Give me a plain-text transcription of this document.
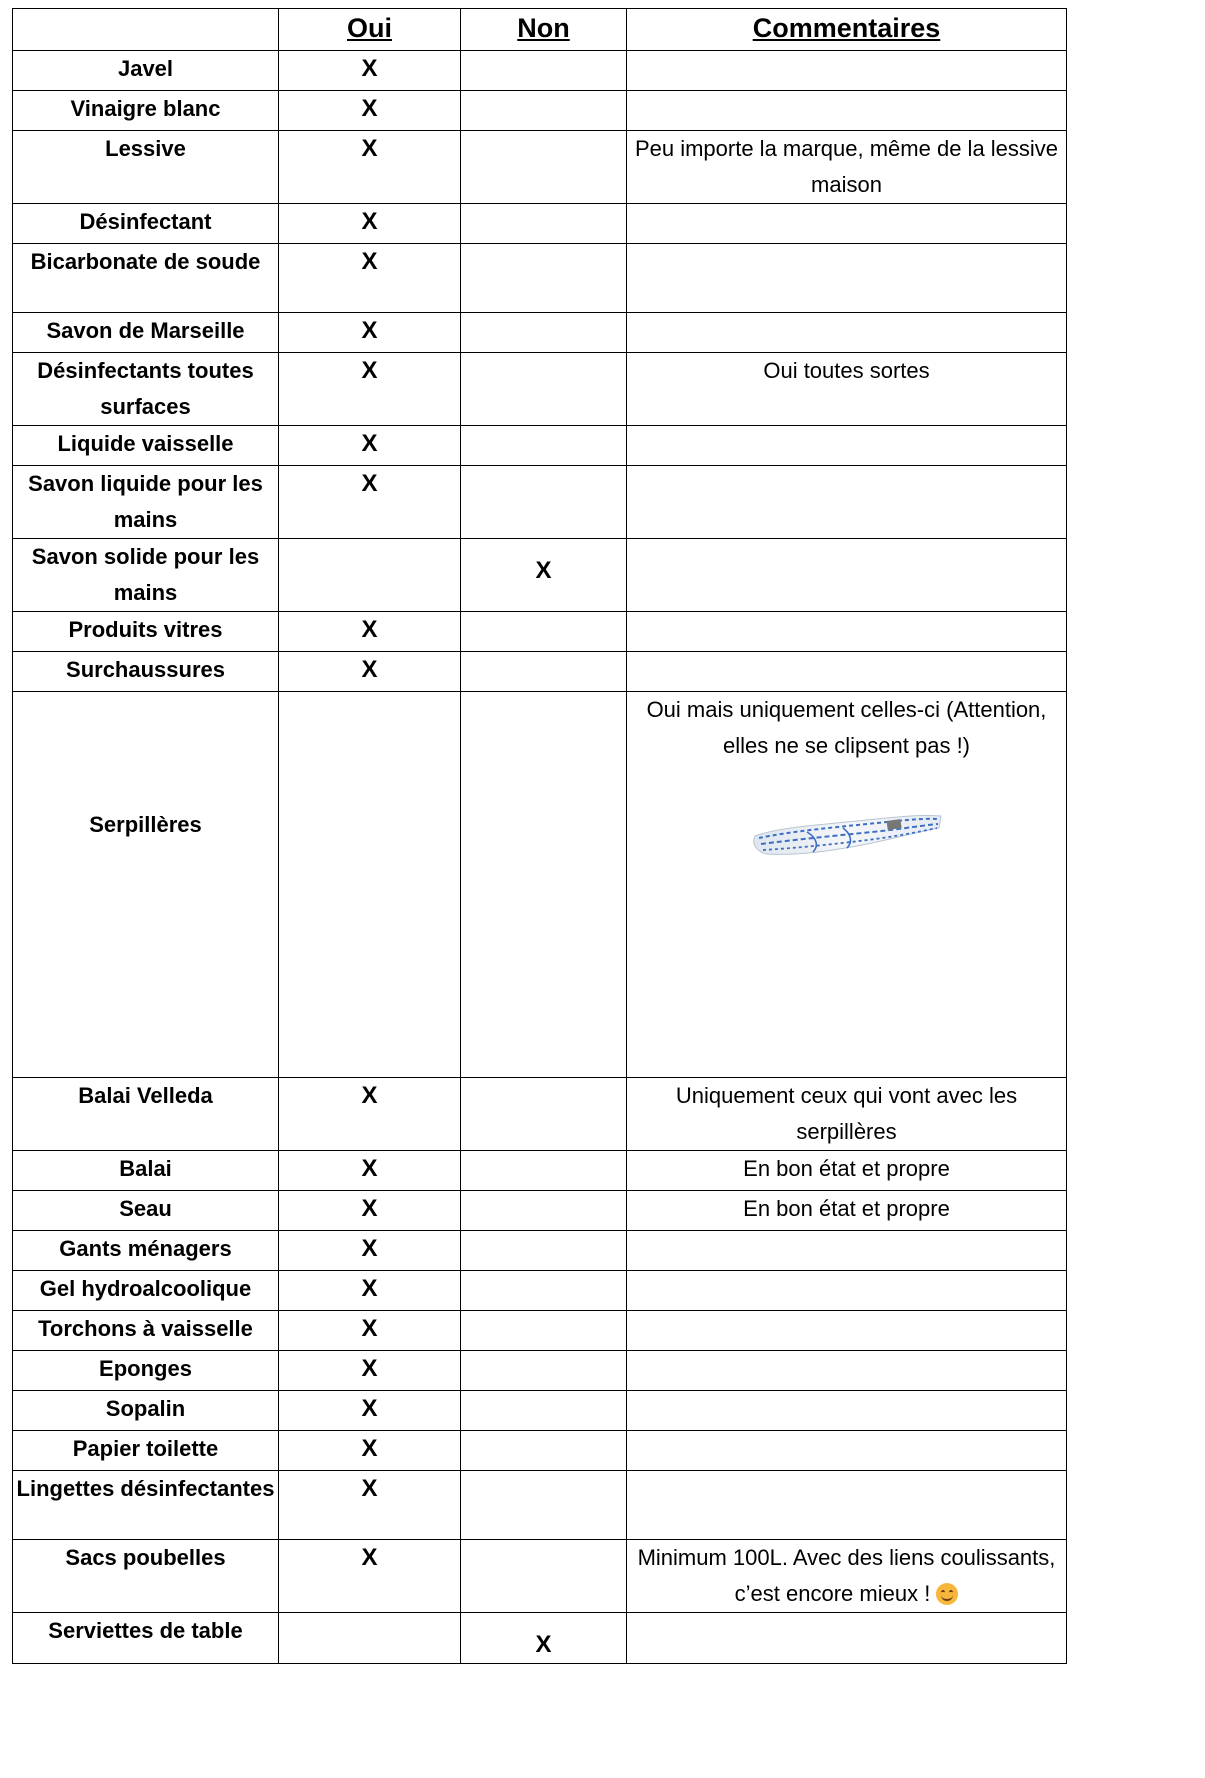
	Oui	Non	Commentaires
Javel	X		
Vinaigre blanc	X		
Lessive	X		Peu importe la marque, même de la lessive maison
Désinfectant	X		
Bicarbonate de soude	X		
Savon de Marseille	X		
Désinfectants toutes surfaces	X		Oui toutes sortes
Liquide vaisselle	X		
Savon liquide pour les mains	X		
Savon solide pour les mains		X	
Produits vitres	X		
Surchaussures	X		
Serpillères			Oui mais uniquement celles-ci (Attention, elles ne se clipsent pas !)

Balai Velleda	X		Uniquement ceux qui vont avec les serpillères
Balai	X		En bon état et propre
Seau	X		En bon état et propre
Gants ménagers	X		
Gel hydroalcoolique	X		
Torchons à vaisselle	X		
Eponges	X		
Sopalin	X		
Papier toilette	X		
Lingettes désinfectantes	X		
Sacs poubelles	X		Minimum 100L. Avec des liens coulissants, c’est encore mieux !

Serviettes de table		X	
